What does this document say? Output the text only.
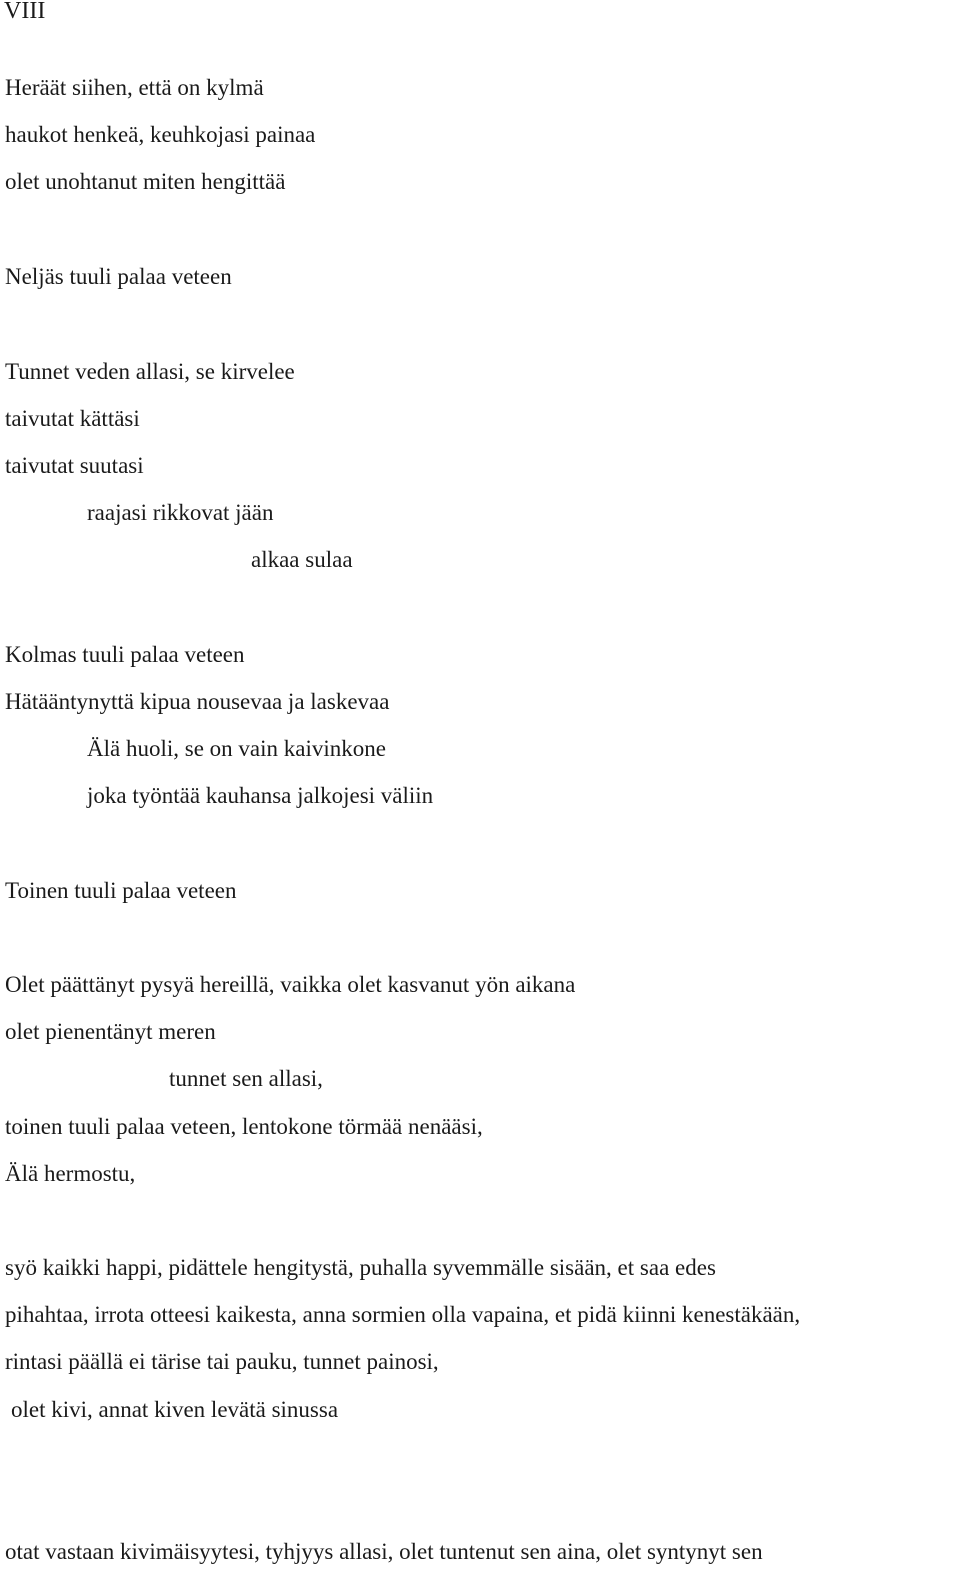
VIII
Heräät siihen, että on kylmä
haukot henkeä, keuhkojasi painaa
olet unohtanut miten hengittää
Neljäs tuuli palaa veteen
Tunnet veden allasi, se kirvelee
taivutat kättäsi
taivutat suutasi
raajasi rikkovat jään
alkaa sulaa
Kolmas tuuli palaa veteen
Hätääntynyttä kipua nousevaa ja laskevaa
Älä huoli, se on vain kaivinkone
joka työntää kauhansa jalkojesi väliin
Toinen tuuli palaa veteen
Olet päättänyt pysyä hereillä, vaikka olet kasvanut yön aikana
olet pienentänyt meren
tunnet sen allasi,
toinen tuuli palaa veteen, lentokone törmää nenääsi,
Älä hermostu,
syö kaikki happi, pidättele hengitystä, puhalla syvemmälle sisään, et saa edes
pihahtaa, irrota otteesi kaikesta, anna sormien olla vapaina, et pidä kiinni kenestäkään,
rintasi päällä ei tärise tai pauku, tunnet painosi,
olet kivi, annat kiven levätä sinussa
otat vastaan kivimäisyytesi, tyhjyys allasi, olet tuntenut sen aina, olet syntynyt sen
